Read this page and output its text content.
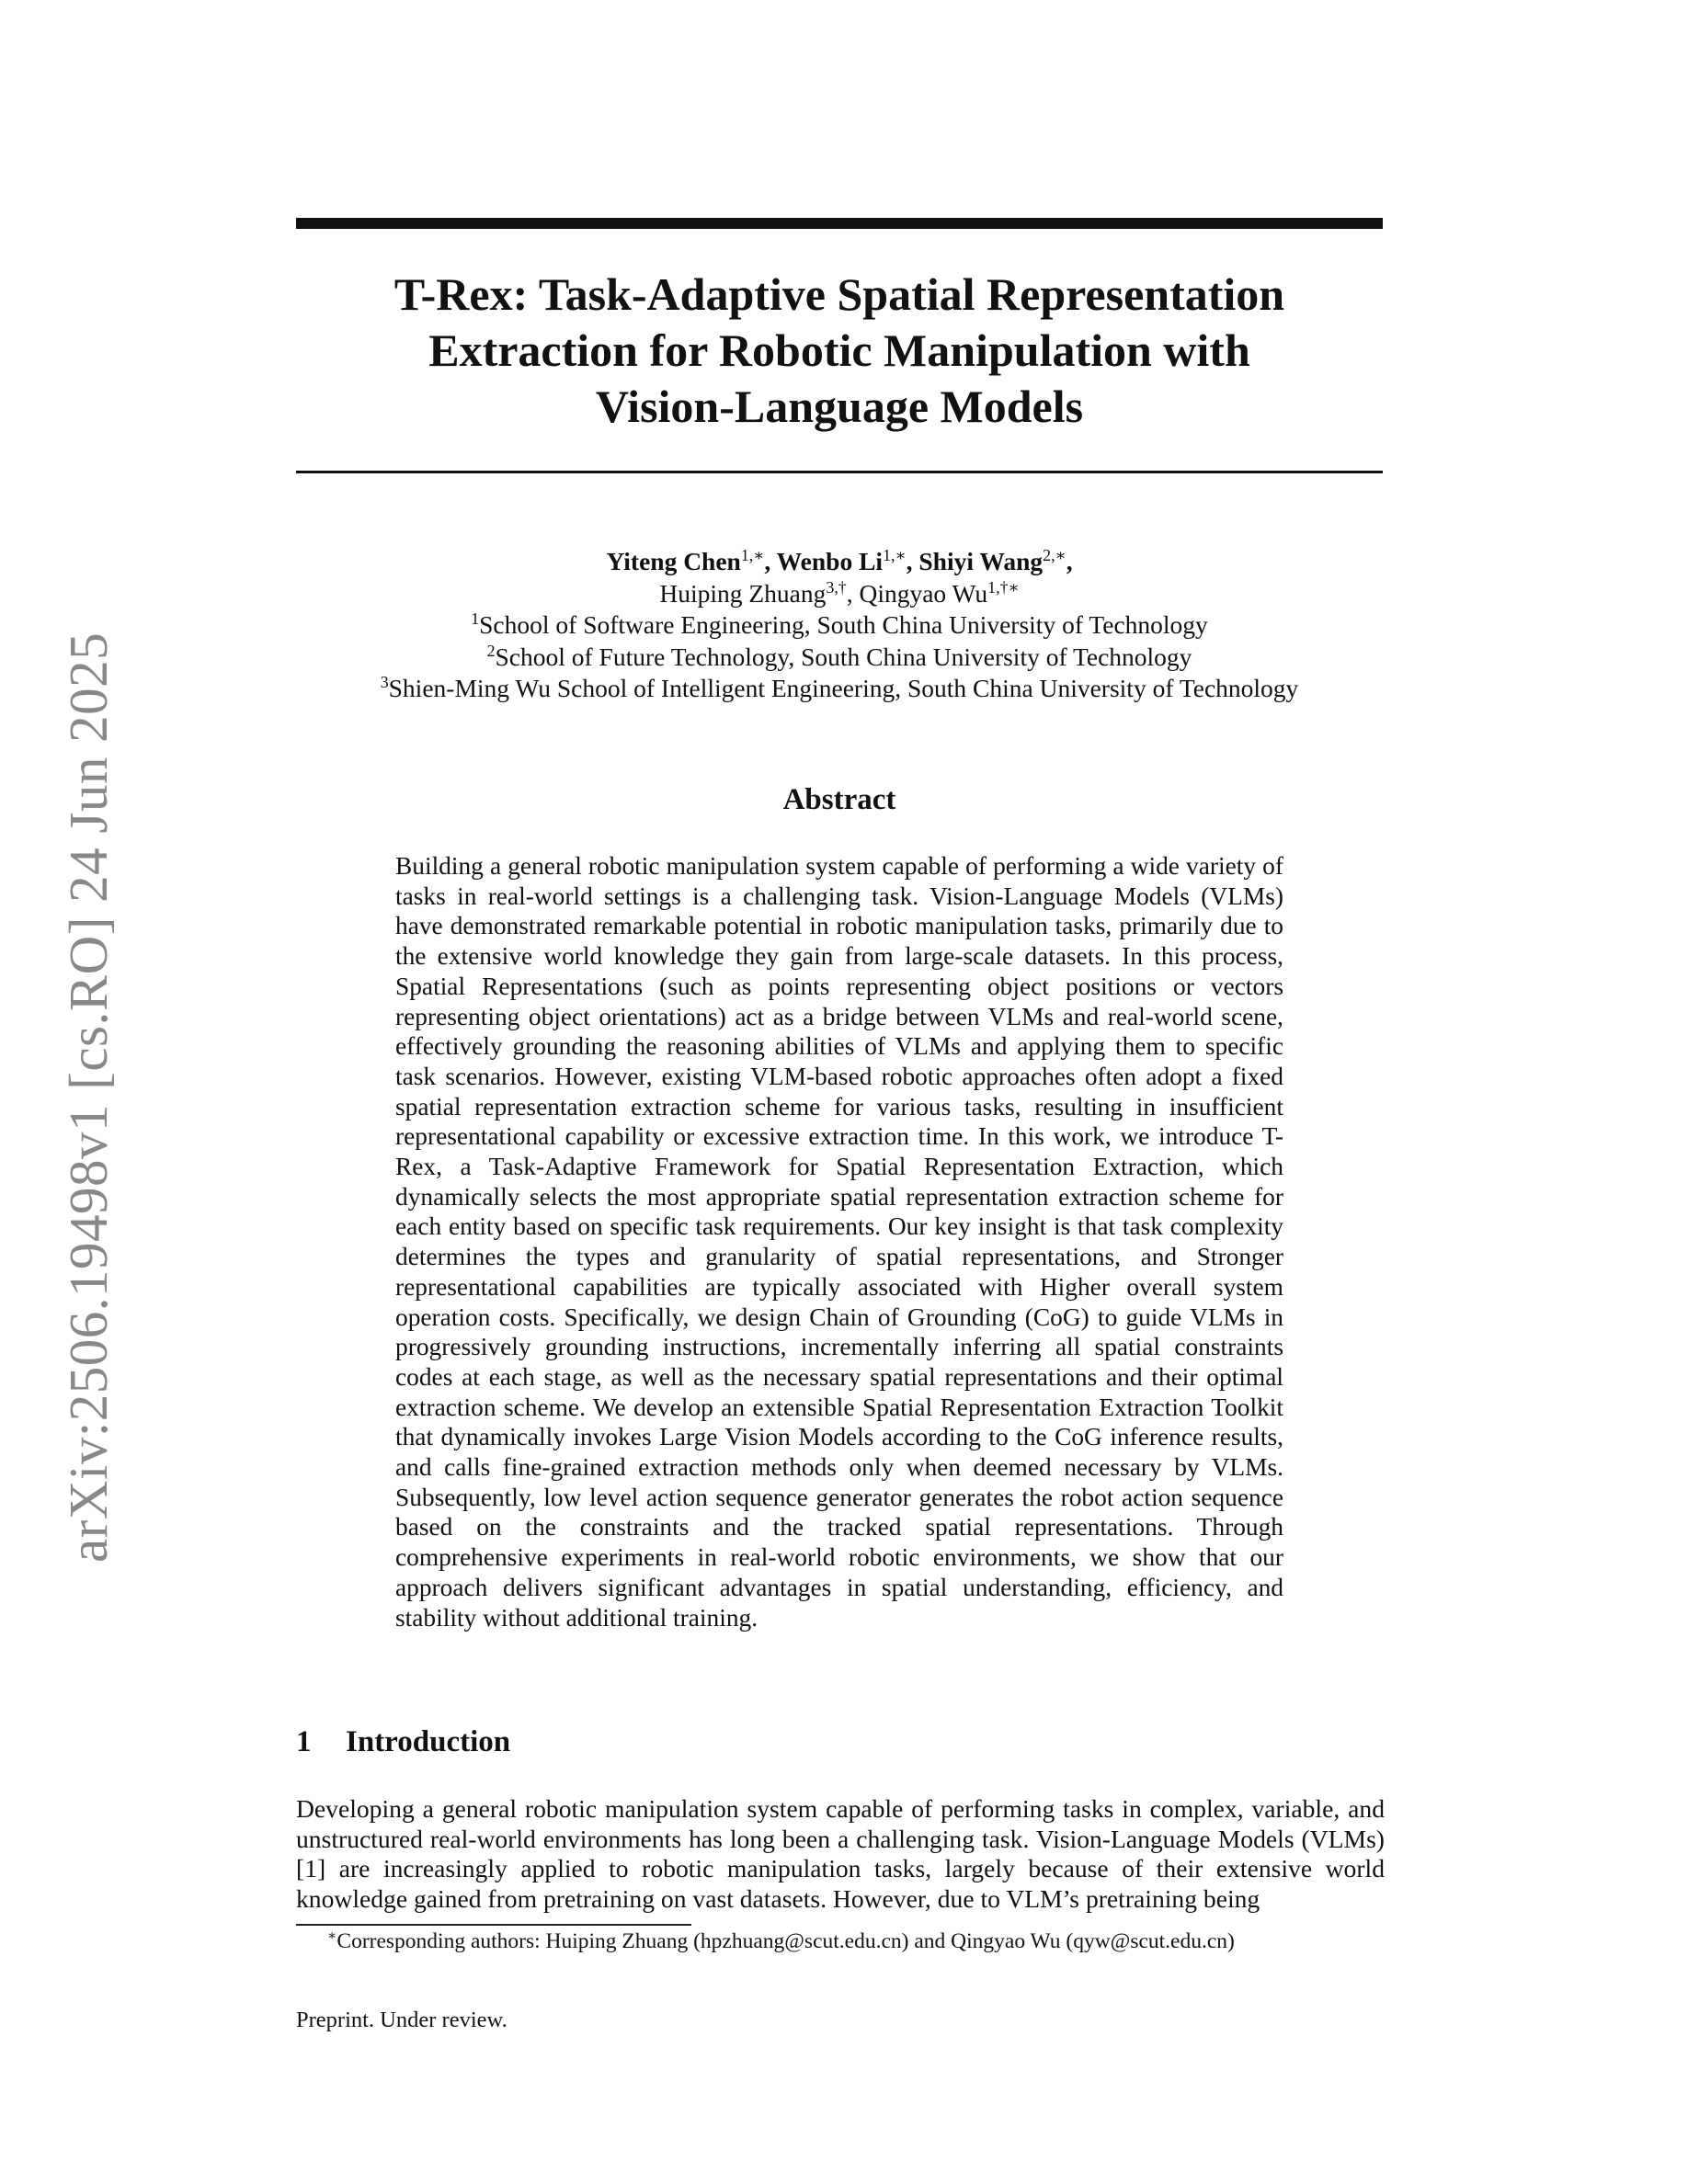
arXiv:2506.19498v1 [cs.RO] 24 Jun 2025
T-Rex: Task-Adaptive Spatial Representation
Extraction for Robotic Manipulation with
Vision-Language Models
Yiteng Chen$^{1,∗}$, Wenbo $Li^{1,∗}$, Shiyi Wang$^{2,∗}$,
Huiping Zhuang$^{3,\dagger}$, Qingyao $Wu^{1,\dagger∗}$
$^1$School of Software Engineering, South China University of Technology
$^2$School of Future Technology, South China University of Technology
$^3$Shien-Ming Wu School of Intelligent Engineering, South China University of Technology
Abstract

Building a general robotic manipulation system capable of performing a wide variety of tasks in real-world settings is a challenging task. Vision-Language Models (VLMs) have demonstrated remarkable potential in robotic manipulation tasks, primarily due to the extensive world knowledge they gain from large-scale datasets. In this process, Spatial Representations (such as points representing object positions or vectors representing object orientations) act as a bridge between VLMs and real-world scene, effectively grounding the reasoning abilities of VLMs and applying them to specific task scenarios. However, existing VLM-based robotic approaches often adopt a fixed spatial representation extraction scheme for various tasks, resulting in insufficient representational capability or excessive extraction time. In this work, we introduce T-Rex, a Task-Adaptive Framework for Spatial Representation Extraction, which dynamically selects the most appropriate spatial representation extraction scheme for each entity based on specific task requirements. Our key insight is that task complexity determines the types and granularity of spatial representations, and Stronger representational capabilities are typically associated with Higher overall system operation costs. Specifically, we design Chain of Grounding (CoG) to guide VLMs in progressively grounding instructions, incrementally inferring all spatial constraints codes at each stage, as well as the necessary spatial representations and their optimal extraction scheme. We develop an extensible Spatial Representation Extraction Toolkit that dynamically invokes Large Vision Models according to the CoG inference results, and calls fine-grained extraction methods only when deemed necessary by VLMs. Subsequently, low level action sequence generator generates the robot action sequence based on the constraints and the tracked spatial representations. Through comprehensive experiments in real-world robotic environments, we show that our approach delivers significant advantages in spatial understanding, efficiency, and stability without additional training.

1 Introduction

Developing a general robotic manipulation system capable of performing tasks in complex, variable, and unstructured real-world environments has long been a challenging task. Vision-Language Models (VLMs)[1] are increasingly applied to robotic manipulation tasks, largely because of their extensive world knowledge gained from pretraining on vast datasets. However, due to VLM’s pretraining being

∗Corresponding authors: Huiping Zhuang (hpzhuang@scut.edu.cn) and Qingyao Wu (qyw@scut.edu.cn)
Preprint. Under review.
